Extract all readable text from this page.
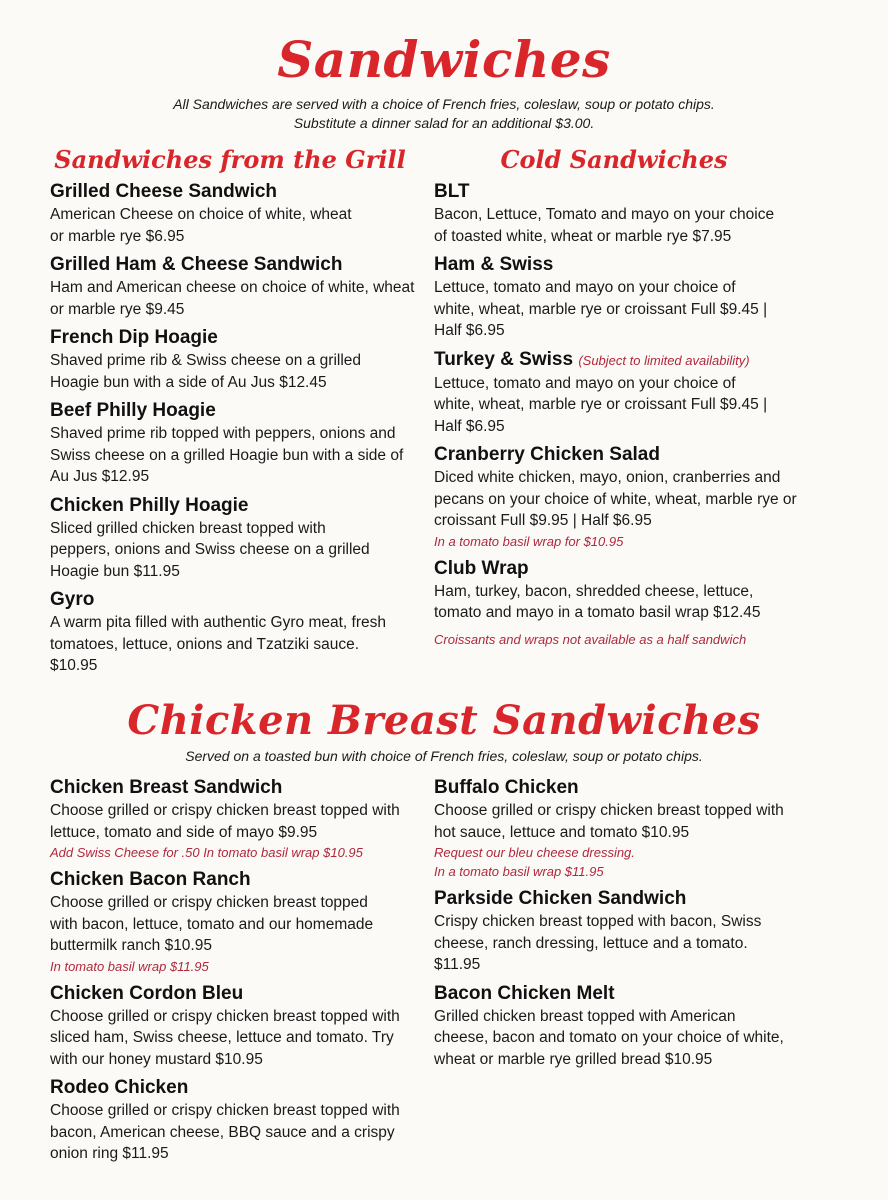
Sandwiches
All Sandwiches are served with a choice of French fries, coleslaw, soup or potato chips.
Substitute a dinner salad for an additional $3.00.
Sandwiches from the Grill	Cold Sandwiches
Grilled Cheese Sandwich
American Cheese on choice of white, wheat or marble rye $6.95
Grilled Ham & Cheese Sandwich
Ham and American cheese on choice of white, wheat or marble rye $9.45
French Dip Hoagie
Shaved prime rib & Swiss cheese on a grilled Hoagie bun with a side of Au Jus $12.45
Beef Philly Hoagie
Shaved prime rib topped with peppers, onions and Swiss cheese on a grilled Hoagie bun with a side of Au Jus $12.95
Chicken Philly Hoagie
Sliced grilled chicken breast topped with peppers, onions and Swiss cheese on a grilled Hoagie bun $11.95
Gyro
A warm pita filled with authentic Gyro meat, fresh tomatoes, lettuce, onions and Tzatziki sauce. $10.95
BLT
Bacon, Lettuce, Tomato and mayo on your choice of toasted white, wheat or marble rye $7.95
Ham & Swiss
Lettuce, tomato and mayo on your choice of white, wheat, marble rye or croissant Full $9.45 | Half $6.95
Turkey & Swiss (Subject to limited availability)
Lettuce, tomato and mayo on your choice of white, wheat, marble rye or croissant Full $9.45 | Half $6.95
Cranberry Chicken Salad
Diced white chicken, mayo, onion, cranberries and pecans on your choice of white, wheat, marble rye or croissant Full $9.95 | Half $6.95
In a tomato basil wrap for $10.95
Club Wrap
Ham, turkey, bacon, shredded cheese, lettuce, tomato and mayo in a tomato basil wrap $12.45
Croissants and wraps not available as a half sandwich
Chicken Breast Sandwiches
Served on a toasted bun with choice of French fries, coleslaw, soup or potato chips.
Chicken Breast Sandwich
Choose grilled or crispy chicken breast topped with lettuce, tomato and side of mayo $9.95
Add Swiss Cheese for .50 In tomato basil wrap $10.95
Chicken Bacon Ranch
Choose grilled or crispy chicken breast topped with bacon, lettuce, tomato and our homemade buttermilk ranch $10.95
In tomato basil wrap $11.95
Chicken Cordon Bleu
Choose grilled or crispy chicken breast topped with sliced ham, Swiss cheese, lettuce and tomato. Try with our honey mustard $10.95
Rodeo Chicken
Choose grilled or crispy chicken breast topped with bacon, American cheese, BBQ sauce and a crispy onion ring $11.95
Buffalo Chicken
Choose grilled or crispy chicken breast topped with hot sauce, lettuce and tomato $10.95
Request our bleu cheese dressing.
In a tomato basil wrap $11.95
Parkside Chicken Sandwich
Crispy chicken breast topped with bacon, Swiss cheese, ranch dressing, lettuce and a tomato. $11.95
Bacon Chicken Melt
Grilled chicken breast topped with American cheese, bacon and tomato on your choice of white, wheat or marble rye grilled bread $10.95
